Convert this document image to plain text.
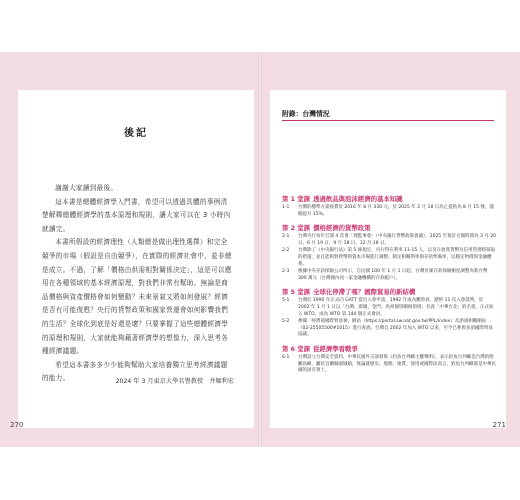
後記

謝謝大家讀到最後。

這本書是總體經濟學入門書，希望可以透過具體的事例清楚解釋總體經濟學的基本原理和規則，讓大家可以在 3 小時內就讀完。

本書所假設的經濟理性（人類總是做出理性選擇）和完全競爭的市場（假設是自由競爭），在實際的經濟社會中，並非總是成立。不過，了解「價格由供需相對關係決定」，這是可以應用在各種領域的基本經濟原理，對我們非常有幫助。無論是商品價格與資產價格會如何變動？未來景氣又將如何發展？經濟是否有可能復甦？央行的貨幣政策和國家營運會如何影響我們的生活？全球化到底是好還是壞？只要掌握了這些總體經濟學的原理和規則，大家就能夠藉著經濟學的想像力，深入思考各種經濟議題。

希望這本書多多少少能夠幫助大家培養獨立思考經濟議題的能力。	2024 年 3 月東京大學名譽教授　井堀利宏
270
附錄：台灣情況
第 1 堂課 透過飲品與泡沫經濟的基本知識
1-1	台灣的標準方案收費於 2016 年 8 月 330 元，於 2025 年 2 月 18 日為止提供為 8 月 15 號，漲幅提升 15%。
第 2 堂課 價格經濟的貨幣政策
2-1	台灣央行每年召開 4 次會「理監事會」（中央銀行貨幣政策會議），2025 年預計召開時間為 3 月 20 日、6 月 19 日、9 月 18 日、12 月 18 日。
2-2	台灣除了《中央銀行法》第 5 條規定，央行得在利率 11-15 人，以及在放寬貨幣及信用管理時採取的措施，並且能夠對貨幣與資本市場進行調整；制定相關利率與存款準備率，以穩定物價與金融體系。
2-3	根據中央存款保險公司所示，自民國 100 年 1 月 1 日起，台灣民眾存款保險額度調整為新台幣 300 萬元（台灣國內同一家金融機構的存款帳戶）。
第 5 堂課 全球化停滯了嗎？國際貿易的新結構
5-1	台灣於 1990 年正式向 GATT 提出入會申請，1992 年成為觀察員，歷經 11 次入會談判，於 2002 年 1 月 1 日以「台灣、澎湖、金門、馬祖個別關稅領域」名義「中華台北」的名義，正式加入 WTO，成為 WTO 第 144 個正式會員。
5-2	參閱「經濟部國際貿易署」網站（https://portal.sw.nat.gov.tw/PPL/index）及諮詢相關網站（02-25505500#1015）進行查詢。台灣自 2002 年加入 WTO 以來，至今已參與多項國際貿易協議。
第 6 堂課 從經濟學看戰爭
6-1	台灣設立台灣安全資料，中華民國外交部發佈《約魚台列嶼主權聲明》，表示釣魚台列嶼是台灣的附屬島嶼，屬於宜蘭縣頭城鎮，無論就歷史、地理、地質、使用或國際法而言，釣魚台列嶼都是中華民國的固有領土。
271
